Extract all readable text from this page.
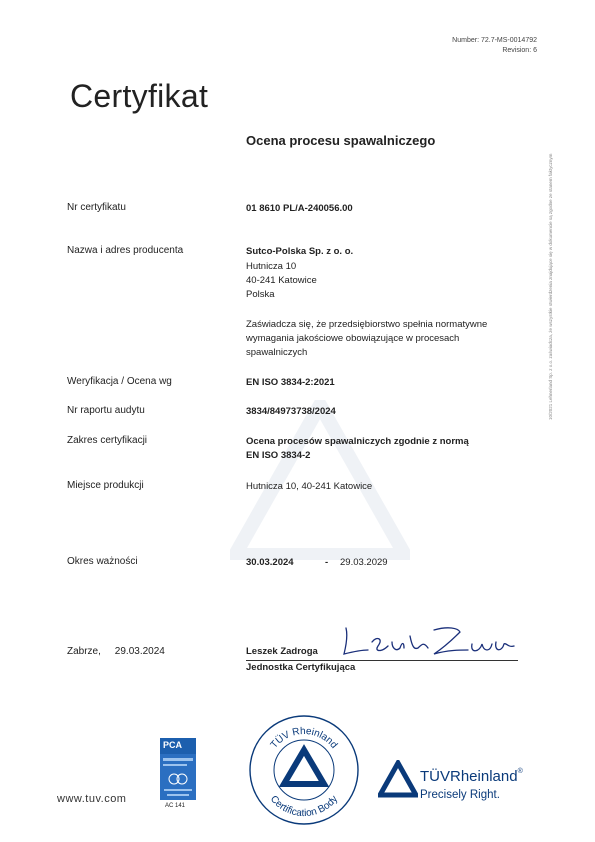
Number: 72.7-MS-0014792
Revision: 6
Certyfikat
Ocena procesu spawalniczego
Nr certyfikatu	01 8610 PL/A-240056.00
Nazwa i adres producenta	Sutco-Polska Sp. z o. o.
Hutnicza 10
40-241 Katowice
Polska
Zaświadcza się, że przedsiębiorstwo spełnia normatywne
wymagania jakościowe obowiązujące w procesach
spawalniczych
Weryfikacja / Ocena wg	EN ISO 3834-2:2021
Nr raportu audytu	3834/84973738/2024
Zakres certyfikacji	Ocena procesów spawalniczych zgodnie z normą
EN ISO 3834-2
Miejsce produkcji	Hutnicza 10, 40-241 Katowice
Okres ważności	30.03.2024	- 29.03.2029
Zabrze,     29.03.2024	Leszek Zadroga
Jednostka Certyfikująca
10/2021 Lehnerland Sp. z o.o. zaświadcza, że wszystkie stwierdzenia znajdujące się w dokumencie są zgodne ze stanem faktycznym
www.tuv.com
PCA
AC 141
TÜV Rheinland
Certification Body
TÜVRheinland®
Precisely Right.
